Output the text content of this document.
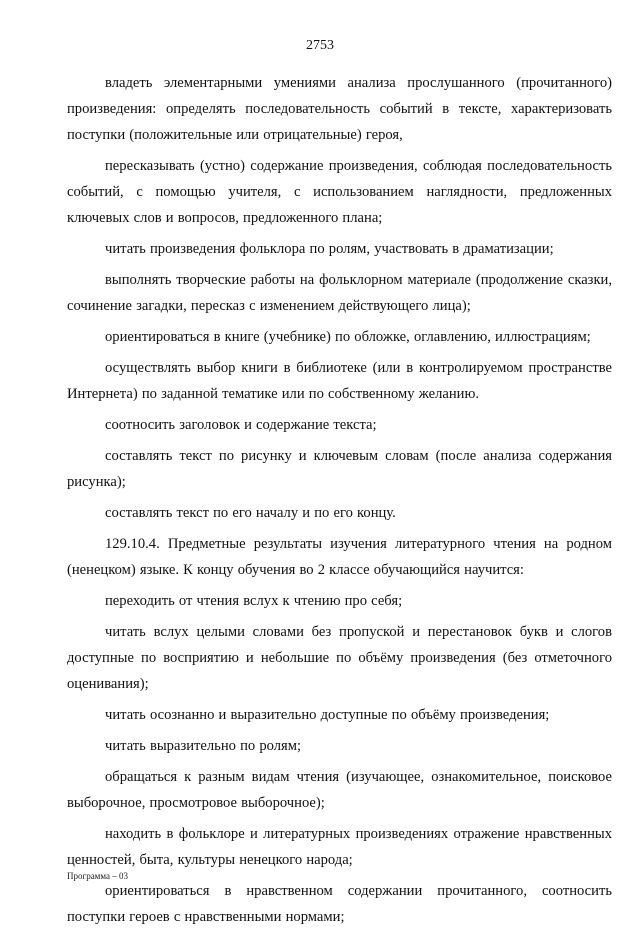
2753

владеть элементарными умениями анализа прослушанного (прочитанного) произведения: определять последовательность событий в тексте, характеризовать поступки (положительные или отрицательные) героя,

пересказывать (устно) содержание произведения, соблюдая последовательность событий, с помощью учителя, с использованием наглядности, предложенных ключевых слов и вопросов, предложенного плана;

читать произведения фольклора по ролям, участвовать в драматизации;

выполнять творческие работы на фольклорном материале (продолжение сказки, сочинение загадки, пересказ с изменением действующего лица);

ориентироваться в книге (учебнике) по обложке, оглавлению, иллюстрациям;

осуществлять выбор книги в библиотеке (или в контролируемом пространстве Интернета) по заданной тематике или по собственному желанию.

соотносить заголовок и содержание текста;

составлять текст по рисунку и ключевым словам (после анализа содержания рисунка);

составлять текст по его началу и по его концу.

129.10.4. Предметные результаты изучения литературного чтения на родном (ненецком) языке. К концу обучения во 2 классе обучающийся научится:

переходить от чтения вслух к чтению про себя;

читать вслух целыми словами без пропуской и перестановок букв и слогов доступные по восприятию и небольшие по объёму произведения (без отметочного оценивания);

читать осознанно и выразительно доступные по объёму произведения;

читать выразительно по ролям;

обращаться к разным видам чтения (изучающее, ознакомительное, поисковое выборочное, просмотровое выборочное);

находить в фольклоре и литературных произведениях отражение нравственных ценностей, быта, культуры ненецкого народа;

ориентироваться в нравственном содержании прочитанного, соотносить поступки героев с нравственными нормами;

Программа – 03
